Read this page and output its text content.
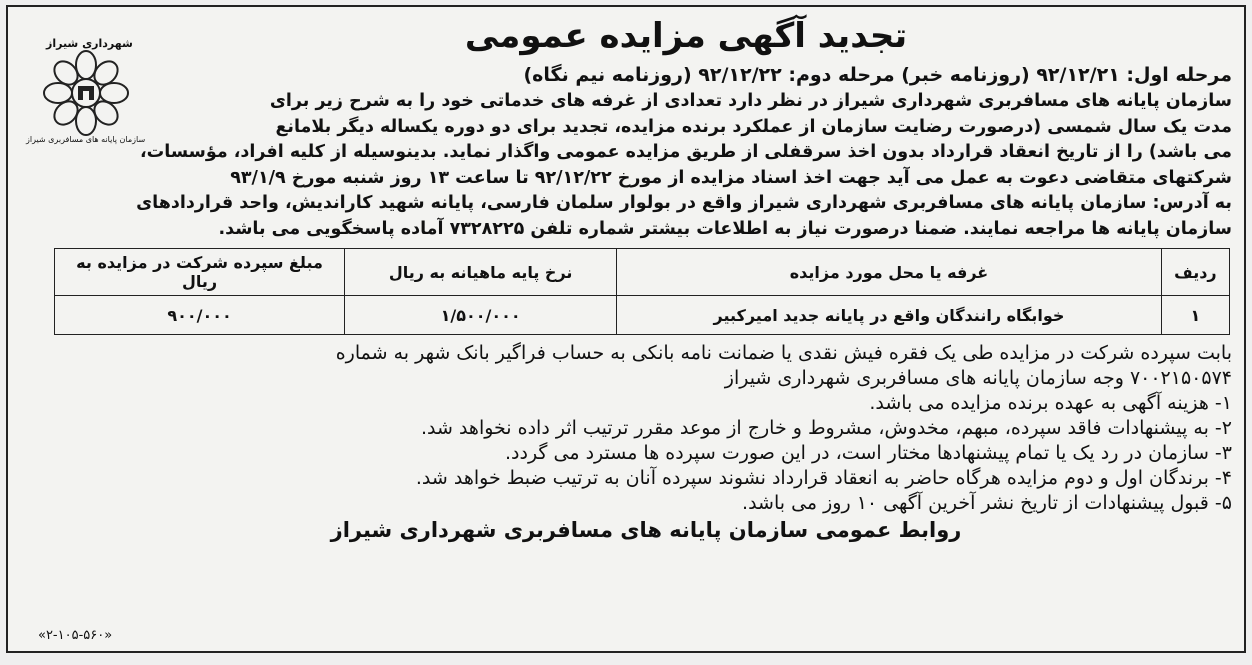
شهرداری شیراز
سازمان پایانه های مسافربری شیراز
تجدید آگهی مزایده عمومی
مرحله اول: ۹۲/۱۲/۲۱ (روزنامه خبر) مرحله دوم: ۹۲/۱۲/۲۲ (روزنامه نیم نگاه)
سازمان پایانه های مسافربری شهرداری شیراز در نظر دارد تعدادی از غرفه های خدماتی خود را به شرح زیر برای
مدت یک سال شمسی (درصورت رضایت سازمان از عملکرد برنده مزایده، تجدید برای دو دوره یکساله دیگر بلامانع
می باشد) را از تاریخ انعقاد قرارداد بدون اخذ سرقفلی از طریق مزایده عمومی واگذار نماید. بدینوسیله از کلیه افراد، مؤسسات،
شرکتهای متقاضی دعوت به عمل می آید جهت اخذ اسناد مزایده از مورخ ۹۲/۱۲/۲۲ تا ساعت ۱۳ روز شنبه مورخ ۹۳/۱/۹
به آدرس: سازمان پایانه های مسافربری شهرداری شیراز واقع در بولوار سلمان فارسی، پایانه شهید کاراندیش، واحد قراردادهای
سازمان پایانه ها مراجعه نمایند. ضمنا درصورت نیاز به اطلاعات بیشتر شماره تلفن ۷۳۲۸۲۲۵ آماده پاسخگویی می باشد.
ردیف	غرفه یا محل مورد مزایده	نرخ پایه ماهیانه به ریال	مبلغ سپرده شرکت در مزایده به ریال
۱	خوابگاه رانندگان واقع در پایانه جدید امیرکبیر	۱/۵۰۰/۰۰۰	۹۰۰/۰۰۰

بابت سپرده شرکت در مزایده طی یک فقره فیش نقدی یا ضمانت نامه بانکی به حساب فراگیر بانک شهر به شماره

۷۰۰۲۱۵۰۵۷۴ وجه سازمان پایانه های مسافربری شهرداری شیراز

۱- هزینه آگهی به عهده برنده مزایده می باشد.

۲- به پیشنهادات فاقد سپرده، مبهم، مخدوش، مشروط و خارج از موعد مقرر ترتیب اثر داده نخواهد شد.

۳- سازمان در رد یک یا تمام پیشنهادها مختار است، در این صورت سپرده ها مسترد می گردد.

۴- برندگان اول و دوم مزایده هرگاه حاضر به انعقاد قرارداد نشوند سپرده آنان به ترتیب ضبط خواهد شد.

۵- قبول پیشنهادات از تاریخ نشر آخرین آگهی ۱۰ روز می باشد.

روابط عمومی سازمان پایانه های مسافربری شهرداری شیراز
«۲-۱۰۵-۵۶۰»
